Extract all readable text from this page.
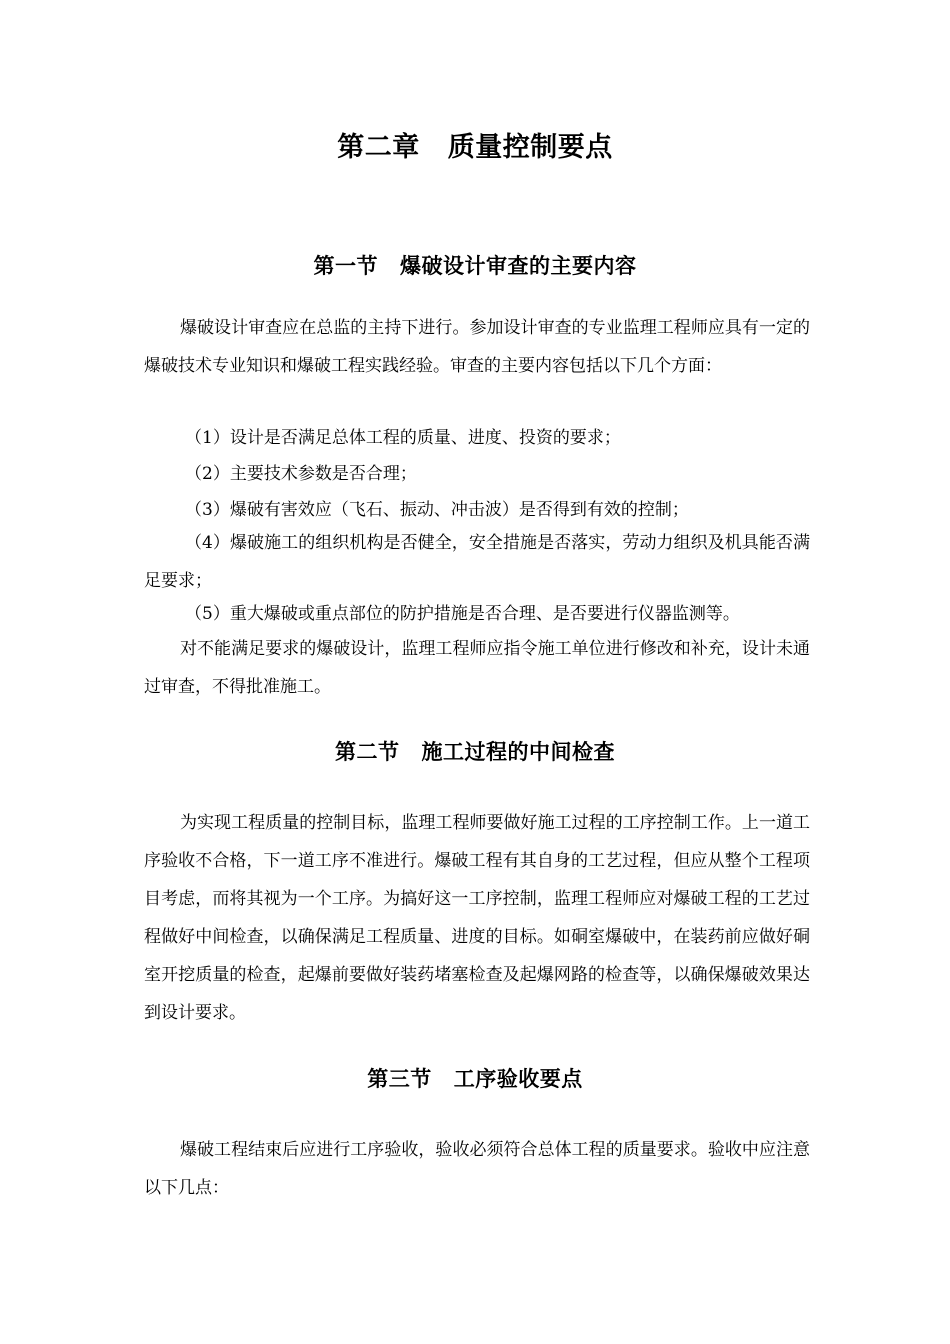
第二章 质量控制要点
第一节 爆破设计审查的主要内容

爆破设计审查应在总监的主持下进行。参加设计审查的专业监理工程师应具有一定的爆破技术专业知识和爆破工程实践经验。审查的主要内容包括以下几个方面：

（1）设计是否满足总体工程的质量、进度、投资的要求；

（2）主要技术参数是否合理；

（3）爆破有害效应（飞石、振动、冲击波）是否得到有效的控制；

（4）爆破施工的组织机构是否健全，安全措施是否落实，劳动力组织及机具能否满足要求；

（5）重大爆破或重点部位的防护措施是否合理、是否要进行仪器监测等。

对不能满足要求的爆破设计，监理工程师应指令施工单位进行修改和补充，设计未通过审查，不得批准施工。

第二节 施工过程的中间检查

为实现工程质量的控制目标，监理工程师要做好施工过程的工序控制工作。上一道工序验收不合格，下一道工序不准进行。爆破工程有其自身的工艺过程，但应从整个工程项目考虑，而将其视为一个工序。为搞好这一工序控制，监理工程师应对爆破工程的工艺过程做好中间检查，以确保满足工程质量、进度的目标。如硐室爆破中，在装药前应做好硐室开挖质量的检查，起爆前要做好装药堵塞检查及起爆网路的检查等，以确保爆破效果达到设计要求。

第三节 工序验收要点

爆破工程结束后应进行工序验收，验收必须符合总体工程的质量要求。验收中应注意以下几点：
